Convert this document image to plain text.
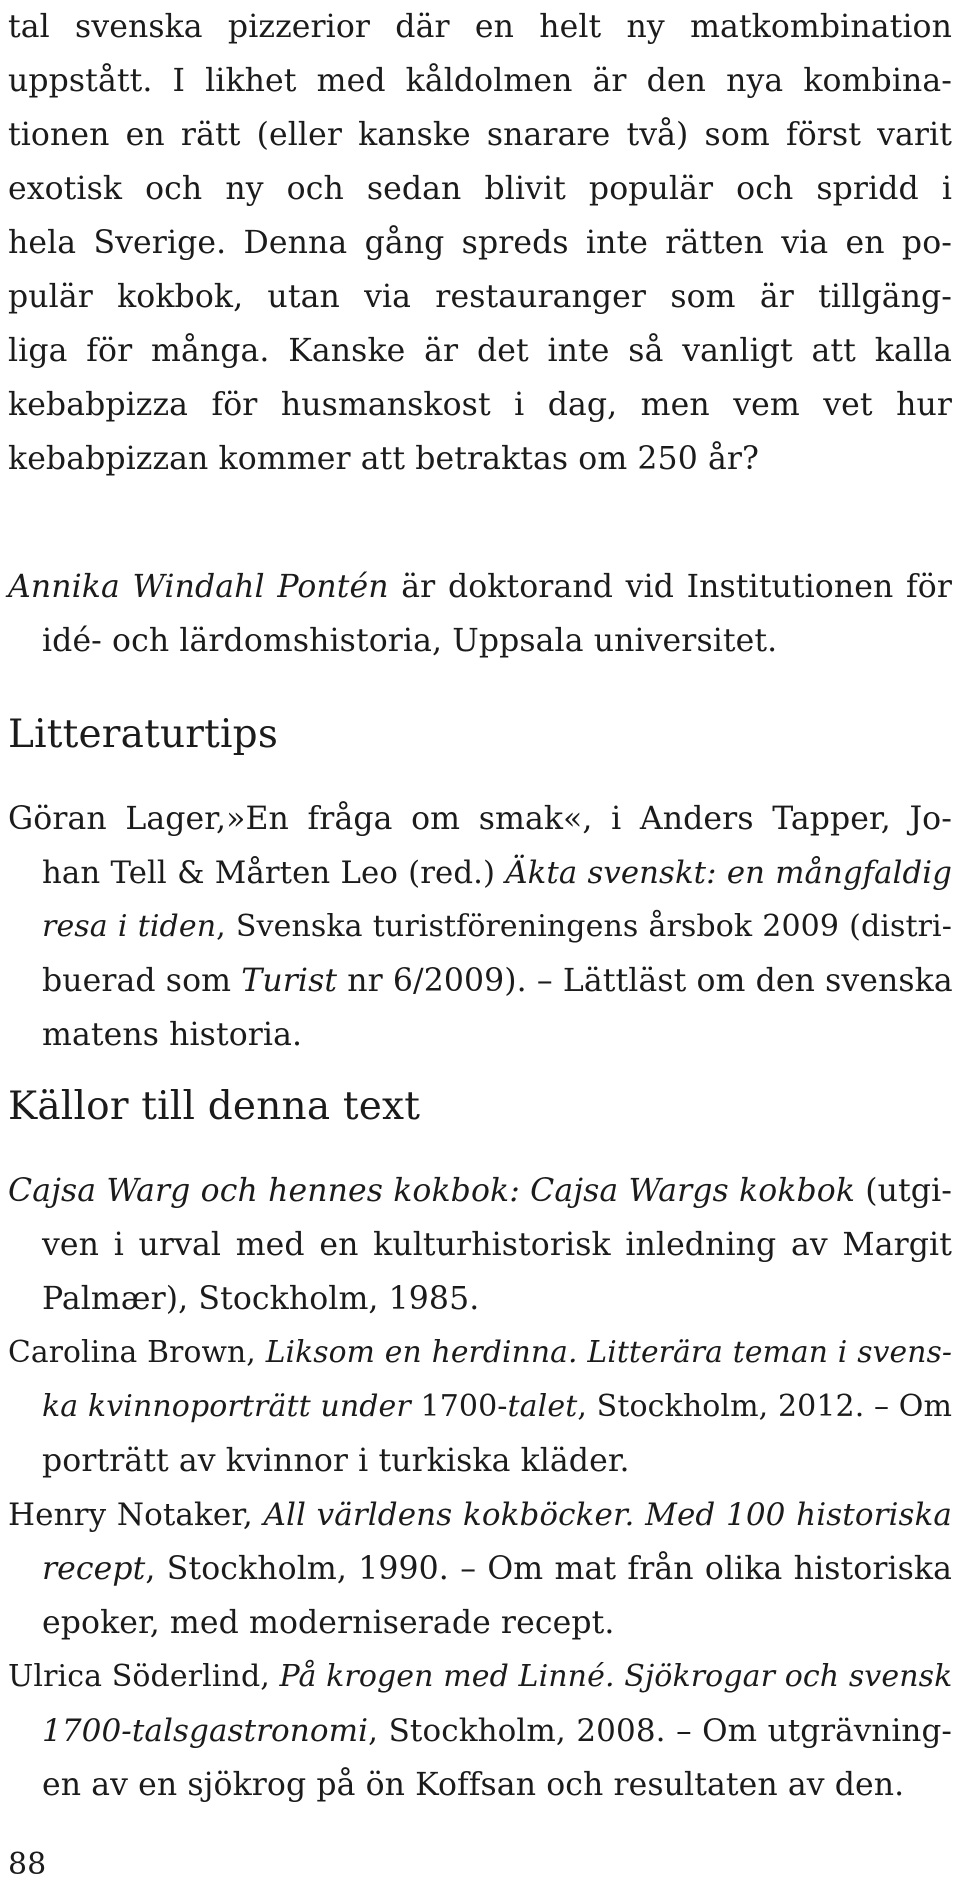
tal svenska pizzerior där en helt ny matkombination
uppstått. I likhet med kåldolmen är den nya kombina-
tionen en rätt (eller kanske snarare två) som först varit
exotisk och ny och sedan blivit populär och spridd i
hela Sverige. Denna gång spreds inte rätten via en po-
pulär kokbok, utan via restauranger som är tillgäng-
liga för många. Kanske är det inte så vanligt att kalla
kebabpizza för husmanskost i dag, men vem vet hur
kebabpizzan kommer att betraktas om 250 år?
Annika Windahl Pontén är doktorand vid Institutionen för
idé- och lärdomshistoria, Uppsala universitet.
Litteraturtips
Göran Lager,»En fråga om smak«, i Anders Tapper, Jo-
han Tell & Mårten Leo (red.) Äkta svenskt: en mångfaldig
resa i tiden, Svenska turistföreningens årsbok 2009 (distri-
buerad som Turist nr 6/2009). – Lättläst om den svenska
matens historia.
Källor till denna text
Cajsa Warg och hennes kokbok: Cajsa Wargs kokbok (utgi-
ven i urval med en kulturhistorisk inledning av Margit
Palmær), Stockholm, 1985.
Carolina Brown, Liksom en herdinna. Litterära teman i svens-
ka kvinnoporträtt under 1700-talet, Stockholm, 2012. – Om
porträtt av kvinnor i turkiska kläder.
Henry Notaker, All världens kokböcker. Med 100 historiska
recept, Stockholm, 1990. – Om mat från olika historiska
epoker, med moderniserade recept.
Ulrica Söderlind, På krogen med Linné. Sjökrogar och svensk
1700-talsgastronomi, Stockholm, 2008. – Om utgrävning-
en av en sjökrog på ön Koffsan och resultaten av den.
88
